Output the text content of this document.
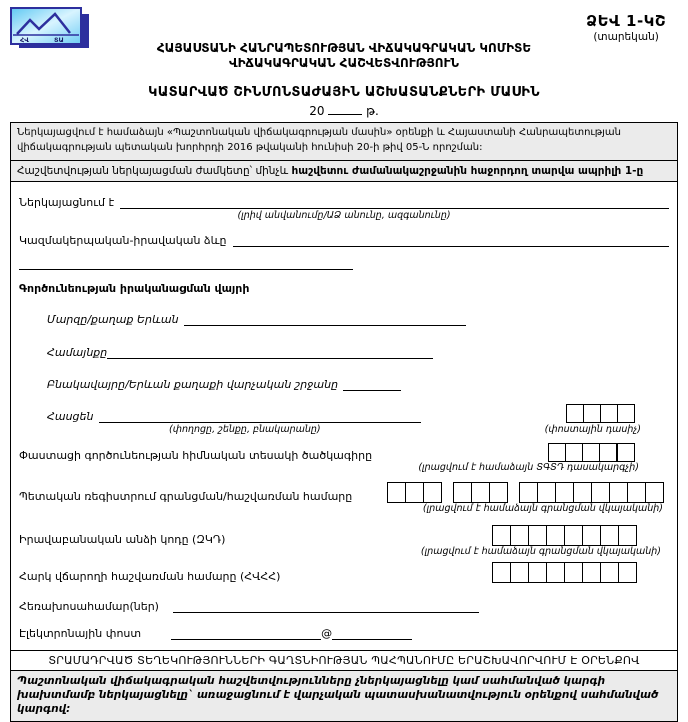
ՀՎ	ՏԱ
ՁԵՎ 1-ԿՇ
(տարեկան)
ՀԱՅԱՍՏԱՆԻ ՀԱՆՐԱՊԵՏՈՒԹՅԱՆ ՎԻՃԱԿԱԳՐԱԿԱՆ ԿՈՄԻՏԵ
ՎԻՃԱԿԱԳՐԱԿԱՆ ՀԱՇՎԵՏՎՈՒԹՅՈՒՆ
ԿԱՏԱՐՎԱԾ ՇԻՆՄՈՆՏԱԺԱՅԻՆ ԱՇԽԱՏԱՆՔՆԵՐԻ ՄԱՍԻՆ
20	թ.
Ներկայացվում է համաձայն «Պաշտոնական վիճակագրության մասին» օրենքի և Հայաստանի Հանրապետության վիճակագրության պետական խորհրդի 2016 թվականի հունիսի 20-ի թիվ 05-Ն որոշման:
Հաշվետվության ներկայացման ժամկետը՝ մինչև հաշվետու ժամանակաշրջանին հաջորդող տարվա ապրիլի 1-ը
Ներկայացնում է
(լրիվ անվանումը/ԱՁ անունը, ազգանունը)
Կազմակերպական-իրավական ձևը
Գործունեության իրականացման վայրի
Մարզը/քաղաք Երևան
Համայնքը
Բնակավայրը/Երևան քաղաքի վարչական շրջանը
Հասցեն
(փողոցը, շենքը, բնակարանը)	(փոստային դասիչ)
Փաստացի գործունեության հիմնական տեսակի ծածկագիրը
(լրացվում է համաձայն ՏԳՏԴ դասակարգչի)
Պետական ռեգիստրում գրանցման/հաշվառման համարը
(լրացվում է համաձայն գրանցման վկայականի)
Իրավաբանական անձի կոդը (ԶԿԴ)
(լրացվում է համաձայն գրանցման վկայականի)
Հարկ վճարողի հաշվառման համարը (ՀՎՀՀ)
Հեռախոսահամար(ներ)
Էլեկտրոնային փոստ	@
ՏՐԱՄԱԴՐՎԱԾ ՏԵՂԵԿՈՒԹՅՈՒՆՆԵՐԻ ԳԱՂՏՆԻՈՒԹՅԱՆ ՊԱՀՊԱՆՈՒՄԸ ԵՐԱՇԽԱՎՈՐՎՈՒՄ Է ՕՐԵՆՔՈՎ
Պաշտոնական վիճակագրական հաշվետվությունները չներկայացնելը կամ սահմանված կարգի խախտմամբ ներկայացնելը` առաջացնում է վարչական պատասխանատվություն օրենքով սահմանված կարգով:
